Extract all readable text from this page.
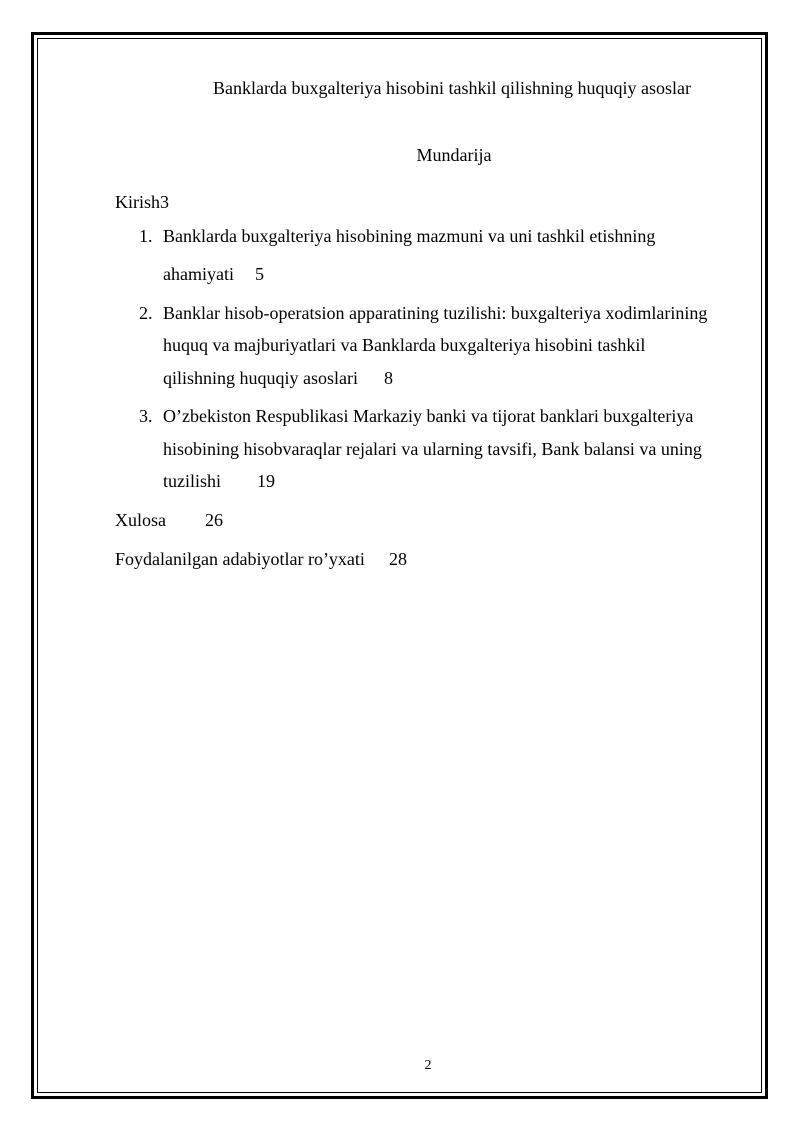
Banklarda buxgalteriya hisobini tashkil qilishning huquqiy asoslar
Mundarija
Kirish3
1. Banklarda buxgalteriya hisobining mazmuni va uni tashkil etishning
ahamiyati 5
2. Banklar hisob-operatsion apparatining tuzilishi: buxgalteriya xodimlarining
huquq va majburiyatlari va Banklarda buxgalteriya hisobini tashkil
qilishning huquqiy asoslari 8
3. O’zbekiston Respublikasi Markaziy banki va tijorat banklari buxgalteriya
hisobining hisobvaraqlar rejalari va ularning tavsifi, Bank balansi va uning
tuzilishi 19
Xulosa 26
Foydalanilgan adabiyotlar ro’yxati 28
2
